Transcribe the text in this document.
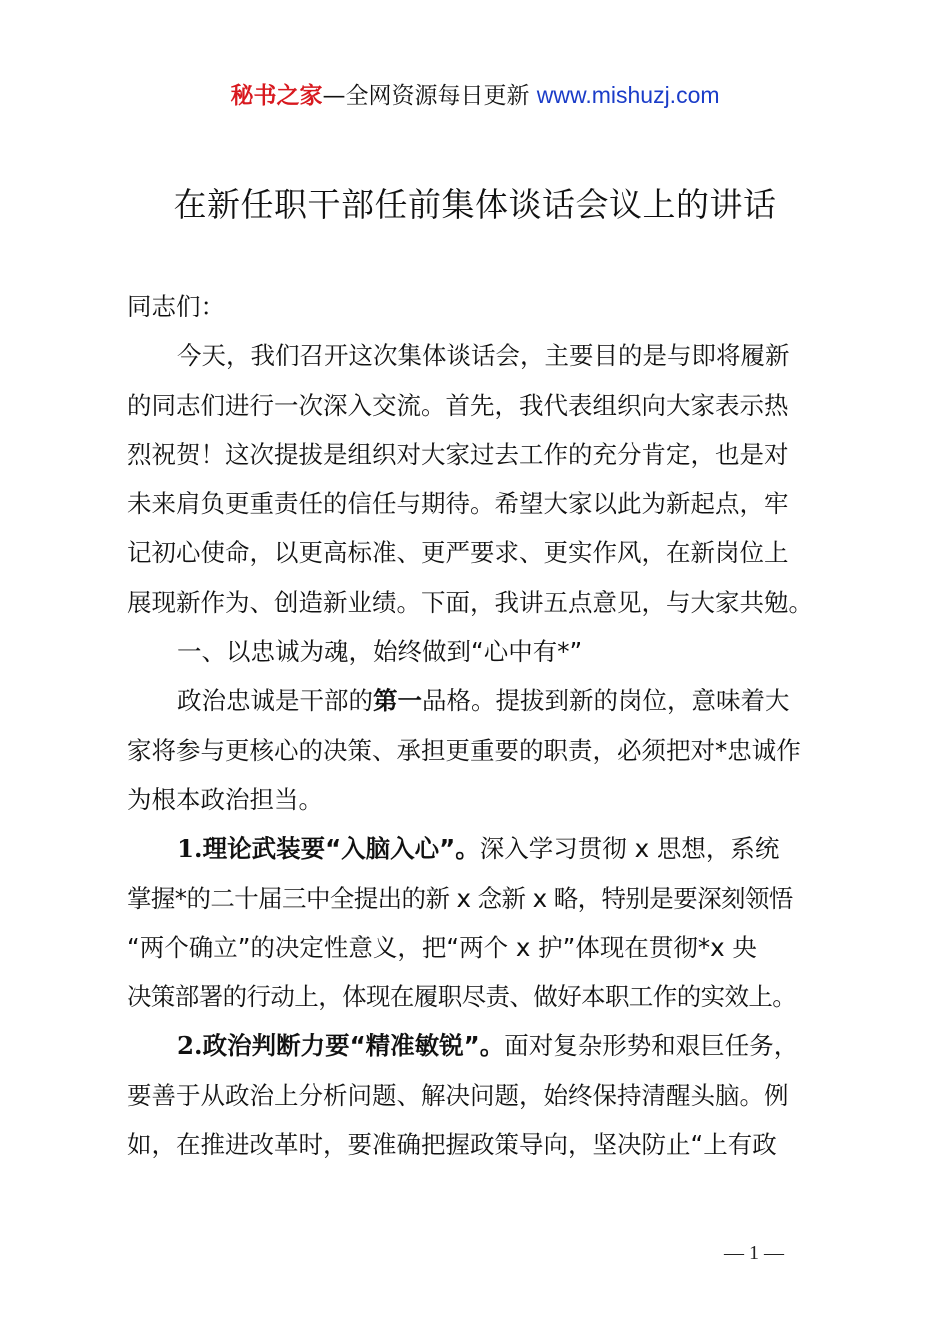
秘书之家—全网资源每日更新 www.mishuzj.com
在新任职干部任前集体谈话会议上的讲话
同志们：
今天，我们召开这次集体谈话会，主要目的是与即将履新
的同志们进行一次深入交流。首先，我代表组织向大家表示热
烈祝贺！这次提拔是组织对大家过去工作的充分肯定，也是对
未来肩负更重责任的信任与期待。希望大家以此为新起点，牢
记初心使命，以更高标准、更严要求、更实作风，在新岗位上
展现新作为、创造新业绩。下面，我讲五点意见，与大家共勉。
一、以忠诚为魂，始终做到“心中有*”
政治忠诚是干部的第一品格。提拔到新的岗位，意味着大
家将参与更核心的决策、承担更重要的职责，必须把对*忠诚作
为根本政治担当。
1.理论武装要“入脑入心”。深入学习贯彻 x 思想，系统
掌握*的二十届三中全提出的新 x 念新 x 略，特别是要深刻领悟
“两个确立”的决定性意义，把“两个 x 护”体现在贯彻*x 央
决策部署的行动上，体现在履职尽责、做好本职工作的实效上。
2.政治判断力要“精准敏锐”。面对复杂形势和艰巨任务，
要善于从政治上分析问题、解决问题，始终保持清醒头脑。例
如，在推进改革时，要准确把握政策导向，坚决防止“上有政
— 1 —
